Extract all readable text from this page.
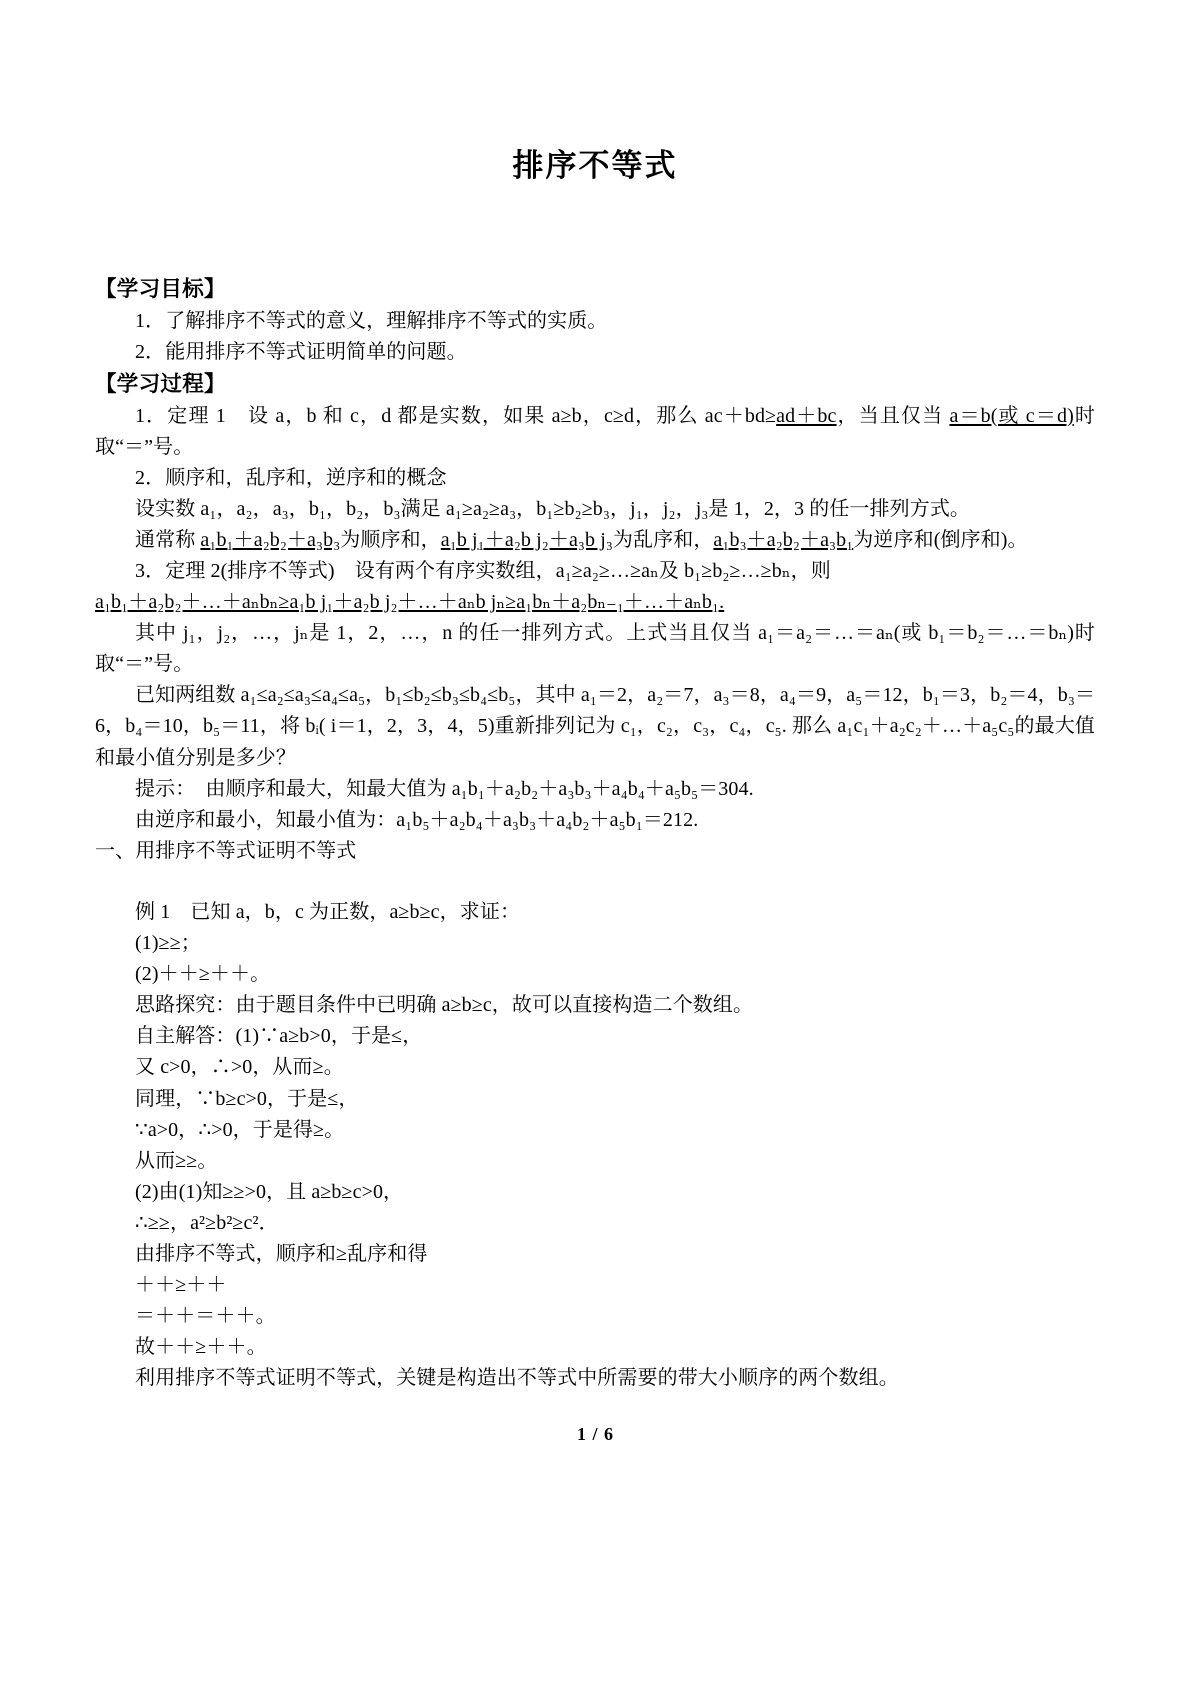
排序不等式
【学习目标】

1．了解排序不等式的意义，理解排序不等式的实质。

2．能用排序不等式证明简单的问题。

【学习过程】

1．定理 1　设 a，b 和 c，d 都是实数，如果 a≥b，c≥d，那么 ac＋bd≥ad＋bc，当且仅当 a＝b(或 c＝d)时取“＝”号。

2．顺序和，乱序和，逆序和的概念

设实数 a₁，a₂，a₃，b₁，b₂，b₃满足 a₁≥a₂≥a₃，b₁≥b₂≥b₃，j₁，j₂，j₃是 1，2，3 的任一排列方式。

通常称 a₁b₁＋a₂b₂＋a₃b₃为顺序和，a₁b j₁＋a₂b j₂＋a₃b j₃为乱序和，a₁b₃＋a₂b₂＋a₃b₁为逆序和(倒序和)。

3．定理 2(排序不等式)　设有两个有序实数组，a₁≥a₂≥…≥aₙ及 b₁≥b₂≥…≥bₙ，则

a₁b₁＋a₂b₂＋…＋aₙbₙ≥a₁b j₁＋a₂b j₂＋…＋aₙb jₙ≥a₁bₙ＋a₂bₙ₋₁＋…＋aₙb₁.

其中 j₁，j₂，…，jₙ是 1，2，…，n 的任一排列方式。上式当且仅当 a₁＝a₂＝…＝aₙ(或 b₁＝b₂＝…＝bₙ)时取“＝”号。

已知两组数 a₁≤a₂≤a₃≤a₄≤a₅，b₁≤b₂≤b₃≤b₄≤b₅，其中 a₁＝2，a₂＝7，a₃＝8，a₄＝9，a₅＝12，b₁＝3，b₂＝4，b₃＝6，b₄＝10，b₅＝11，将 bᵢ( i＝1，2，3，4，5)重新排列记为 c₁，c₂，c₃，c₄，c₅. 那么 a₁c₁＋a₂c₂＋…＋a₅c₅的最大值和最小值分别是多少？

提示：　由顺序和最大，知最大值为 a₁b₁＋a₂b₂＋a₃b₃＋a₄b₄＋a₅b₅＝304.

由逆序和最小，知最小值为：a₁b₅＋a₂b₄＋a₃b₃＋a₄b₂＋a₅b₁＝212.

一、用排序不等式证明不等式

例 1　已知 a，b，c 为正数，a≥b≥c，求证：

(1)≥≥；

(2)＋＋≥＋＋。

思路探究：由于题目条件中已明确 a≥b≥c，故可以直接构造二个数组。

自主解答：(1)∵a≥b>0，于是≤，

又 c>0，∴>0，从而≥。

同理，∵b≥c>0，于是≤，

∵a>0，∴>0，于是得≥。

从而≥≥。

(2)由(1)知≥≥>0，且 a≥b≥c>0，

∴≥≥，a²≥b²≥c²．

由排序不等式，顺序和≥乱序和得

＋＋≥＋＋

＝＋＋＝＋＋。

故＋＋≥＋＋。

利用排序不等式证明不等式，关键是构造出不等式中所需要的带大小顺序的两个数组。

1 / 6
